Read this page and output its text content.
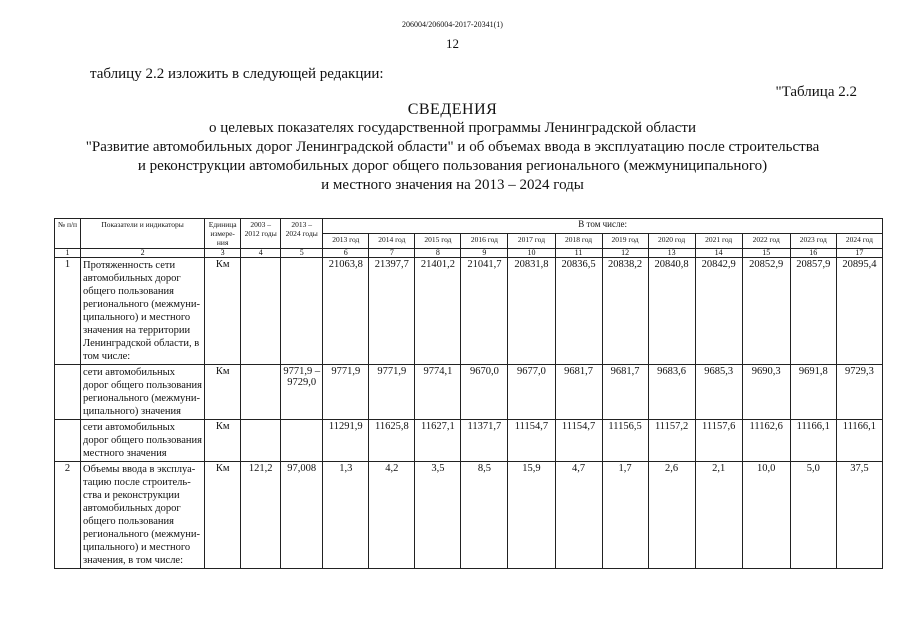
206004/206004-2017-20341(1)
12
таблицу 2.2 изложить в следующей редакции:
"Таблица 2.2
СВЕДЕНИЯ
о целевых показателях государственной программы Ленинградской области
"Развитие автомобильных дорог Ленинградской области" и об объемах ввода в эксплуатацию после строительства
и реконструкции автомобильных дорог общего пользования регионального (межмуниципального)
и местного значения на 2013 – 2024 годы
№ п/п	Показатели и индикаторы	Единица измере-ния	2003 – 2012 годы	2013 – 2024 годы	В том числе:											
					2013 год	2014 год	2015 год	2016 год	2017 год	2018 год	2019 год	2020 год	2021 год	2022 год	2023 год	2024 год
1	2	3	4	5	6	7	8	9	10	11	12	13	14	15	16	17
1	Протяженность сети автомобильных дорог общего пользования регионального (межмуни-ципального) и местного значения на территории Ленинградской области, в том числе:	Км			21063,8	21397,7	21401,2	21041,7	20831,8	20836,5	20838,2	20840,8	20842,9	20852,9	20857,9	20895,4
	сети автомобильных дорог общего пользования регионального (межмуни-ципального) значения	Км		9771,9 – 9729,0	9771,9	9771,9	9774,1	9670,0	9677,0	9681,7	9681,7	9683,6	9685,3	9690,3	9691,8	9729,3
	сети автомобильных дорог общего пользования местного значения	Км			11291,9	11625,8	11627,1	11371,7	11154,7	11154,7	11156,5	11157,2	11157,6	11162,6	11166,1	11166,1
2	Объемы ввода в эксплуа-тацию после строитель-ства и реконструкции автомобильных дорог общего пользования регионального (межмуни-ципального) и местного значения, в том числе:	Км	121,2	97,008	1,3	4,2	3,5	8,5	15,9	4,7	1,7	2,6	2,1	10,0	5,0	37,5
